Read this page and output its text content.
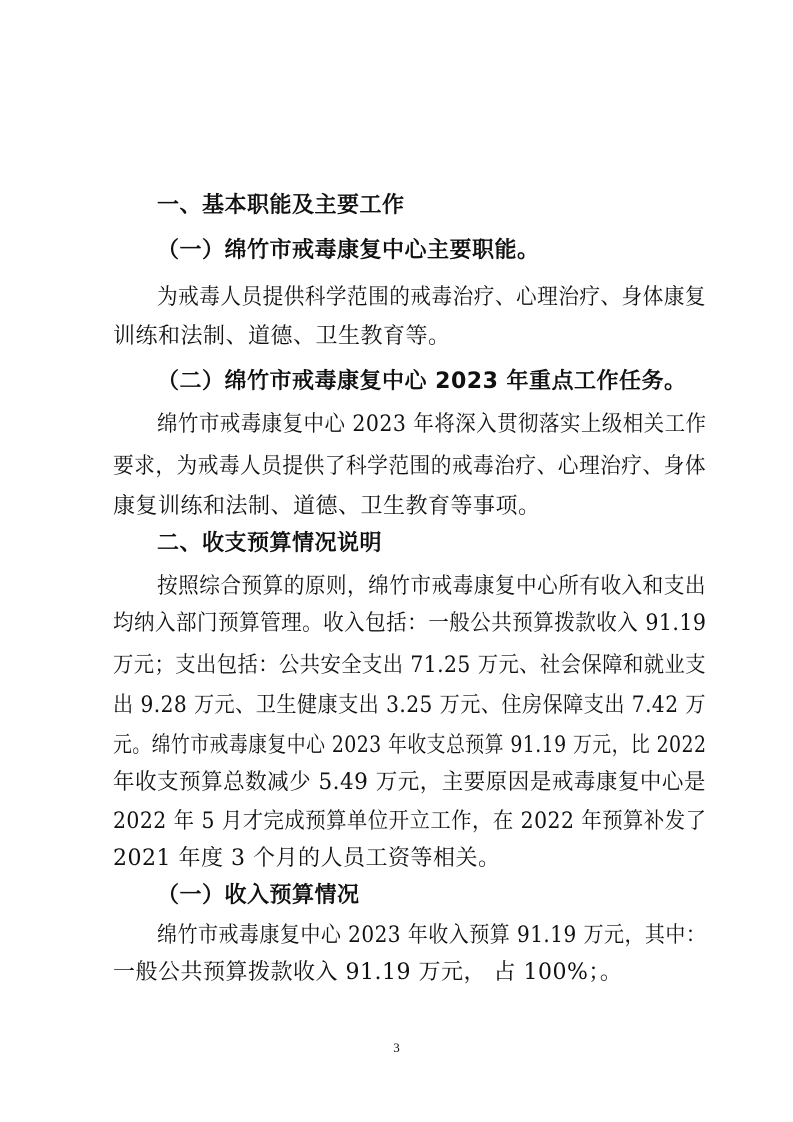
一、基本职能及主要工作
（一）绵竹市戒毒康复中心主要职能。
为戒毒人员提供科学范围的戒毒治疗、心理治疗、身体康复
训练和法制、道德、卫生教育等。
（二）绵竹市戒毒康复中心 2023 年重点工作任务。
绵竹市戒毒康复中心 2023 年将深入贯彻落实上级相关工作
要求，为戒毒人员提供了科学范围的戒毒治疗、心理治疗、身体
康复训练和法制、道德、卫生教育等事项。
二、收支预算情况说明
按照综合预算的原则，绵竹市戒毒康复中心所有收入和支出
均纳入部门预算管理。收入包括：一般公共预算拨款收入 91.19
万元；支出包括：公共安全支出 71.25 万元、社会保障和就业支
出 9.28 万元、卫生健康支出 3.25 万元、住房保障支出 7.42 万
元。绵竹市戒毒康复中心 2023 年收支总预算 91.19 万元，比 2022
年收支预算总数减少 5.49 万元，主要原因是戒毒康复中心是
2022 年 5 月才完成预算单位开立工作，在 2022 年预算补发了
2021 年度 3 个月的人员工资等相关。
（一）收入预算情况
绵竹市戒毒康复中心 2023 年收入预算 91.19 万元，其中：
一般公共预算拨款收入 91.19 万元， 占 100%；。
3
